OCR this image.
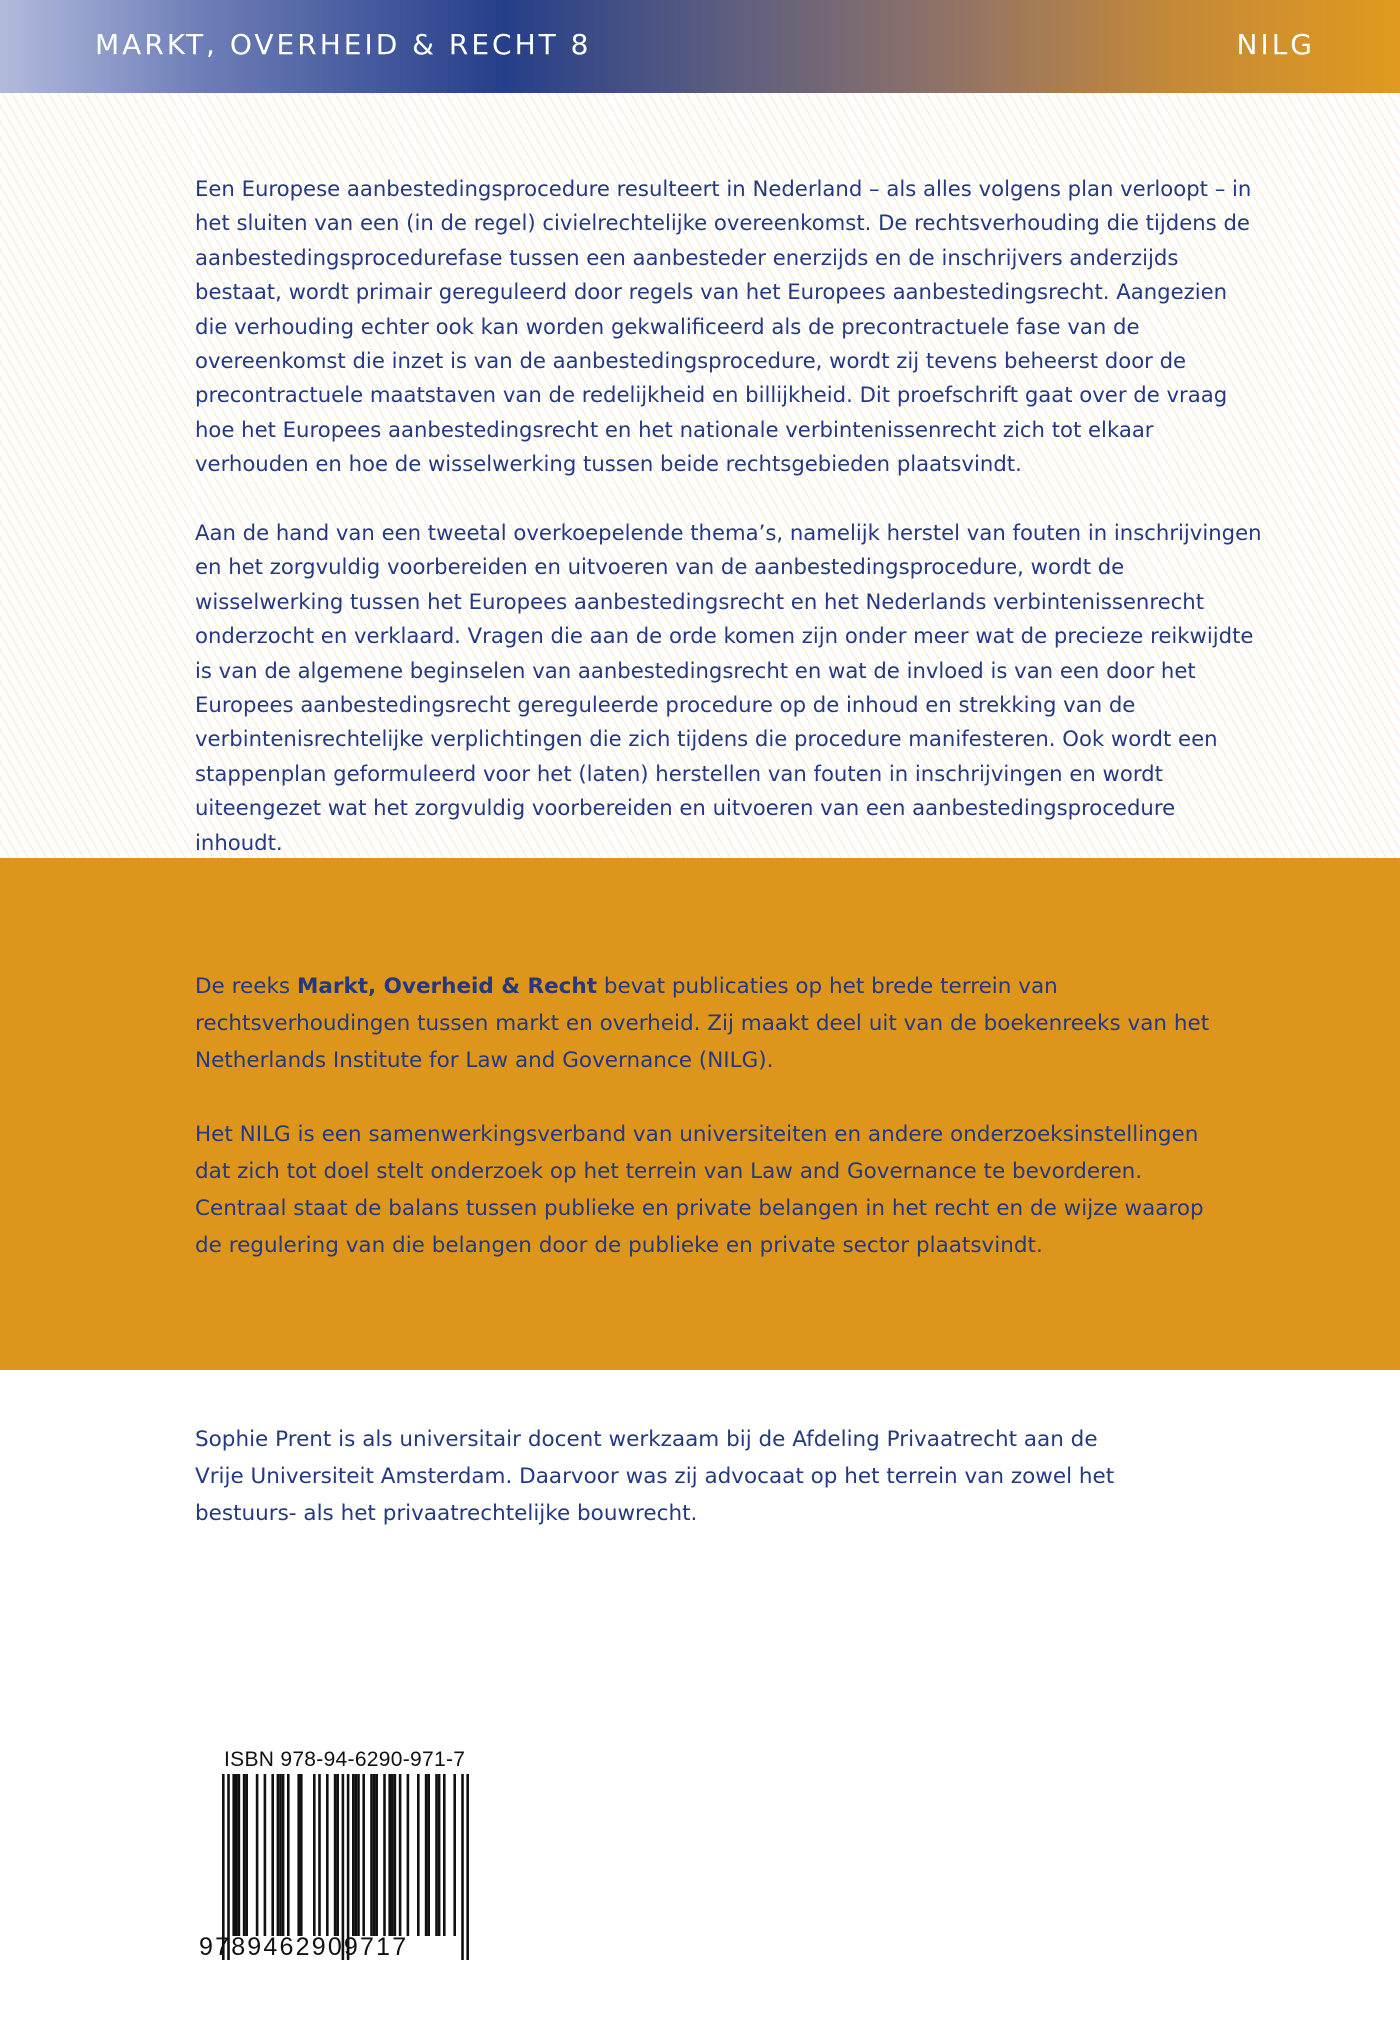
MARKT, OVERHEID & RECHT 8	NILG

Een Europese aanbestedingsprocedure resulteert in Nederland – als alles volgens plan verloopt – in het sluiten van een (in de regel) civielrechtelijke overeenkomst. De rechtsverhouding die tijdens de aanbestedingsprocedurefase tussen een aanbesteder enerzijds en de inschrijvers anderzijds bestaat, wordt primair gereguleerd door regels van het Europees aanbestedingsrecht. Aangezien die verhouding echter ook kan worden gekwalificeerd als de precontractuele fase van de overeenkomst die inzet is van de aanbestedingsprocedure, wordt zij tevens beheerst door de precontractuele maatstaven van de redelijkheid en billijkheid. Dit proefschrift gaat over de vraag hoe het Europees aanbestedingsrecht en het nationale verbintenissenrecht zich tot elkaar verhouden en hoe de wisselwerking tussen beide rechtsgebieden plaatsvindt.

Aan de hand van een tweetal overkoepelende thema’s, namelijk herstel van fouten in inschrijvingen en het zorgvuldig voorbereiden en uitvoeren van de aanbestedingsprocedure, wordt de wisselwerking tussen het Europees aanbestedingsrecht en het Nederlands verbintenissenrecht onderzocht en verklaard. Vragen die aan de orde komen zijn onder meer wat de precieze reikwijdte is van de algemene beginselen van aanbestedingsrecht en wat de invloed is van een door het Europees aanbestedingsrecht gereguleerde procedure op de inhoud en strekking van de verbintenisrechtelijke verplichtingen die zich tijdens die procedure manifesteren. Ook wordt een stappenplan geformuleerd voor het (laten) herstellen van fouten in inschrijvingen en wordt uiteengezet wat het zorgvuldig voorbereiden en uitvoeren van een aanbestedingsprocedure inhoudt.

De reeks Markt, Overheid & Recht bevat publicaties op het brede terrein van rechtsverhoudingen tussen markt en overheid. Zij maakt deel uit van de boekenreeks van het Netherlands Institute for Law and Governance (NILG).

Het NILG is een samenwerkingsverband van universiteiten en andere onderzoeksinstellingen dat zich tot doel stelt onderzoek op het terrein van Law and Governance te bevorderen. Centraal staat de balans tussen publieke en private belangen in het recht en de wijze waarop de regulering van die belangen door de publieke en private sector plaatsvindt.

Sophie Prent is als universitair docent werkzaam bij de Afdeling Privaatrecht aan de Vrije Universiteit Amsterdam. Daarvoor was zij advocaat op het terrein van zowel het bestuurs- als het privaatrechtelijke bouwrecht.

ISBN 978-94-6290-971-7
9789462909717
